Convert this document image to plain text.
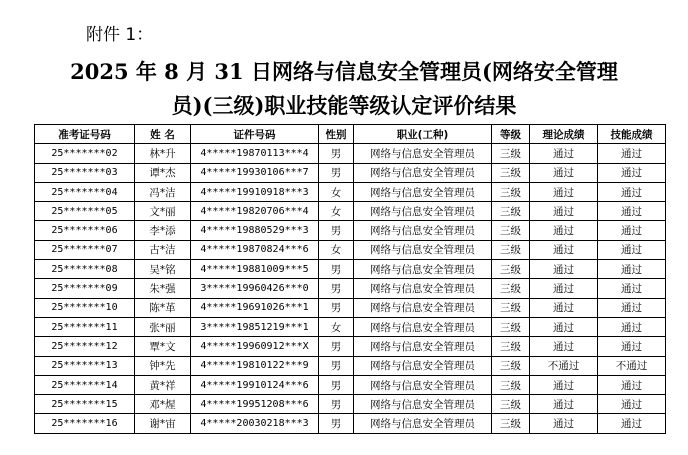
附件 1：
2025 年 8 月 31 日网络与信息安全管理员(网络安全管理
员)(三级)职业技能等级认定评价结果
准考证号码	姓 名	证件号码	性别	职业(工种)	等级	理论成绩	技能成绩
25*******02	林*升	4*****19870113***4	男	网络与信息安全管理员	三级	通过	通过
25*******03	谭*杰	4*****19930106***7	男	网络与信息安全管理员	三级	通过	通过
25*******04	冯*洁	4*****19910918***3	女	网络与信息安全管理员	三级	通过	通过
25*******05	文*丽	4*****19820706***4	女	网络与信息安全管理员	三级	通过	通过
25*******06	李*添	4*****19880529***3	男	网络与信息安全管理员	三级	通过	通过
25*******07	古*洁	4*****19870824***6	女	网络与信息安全管理员	三级	通过	通过
25*******08	吴*铭	4*****19881009***5	男	网络与信息安全管理员	三级	通过	通过
25*******09	朱*强	3*****19960426***0	男	网络与信息安全管理员	三级	通过	通过
25*******10	陈*革	4*****19691026***1	男	网络与信息安全管理员	三级	通过	通过
25*******11	张*丽	3*****19851219***1	女	网络与信息安全管理员	三级	通过	通过
25*******12	覃*文	4*****19960912***X	男	网络与信息安全管理员	三级	通过	通过
25*******13	钟*先	4*****19810122***9	男	网络与信息安全管理员	三级	不通过	不通过
25*******14	黄*祥	4*****19910124***6	男	网络与信息安全管理员	三级	通过	通过
25*******15	邓*煋	4*****19951208***6	男	网络与信息安全管理员	三级	通过	通过
25*******16	谢*宙	4*****20030218***3	男	网络与信息安全管理员	三级	通过	通过
